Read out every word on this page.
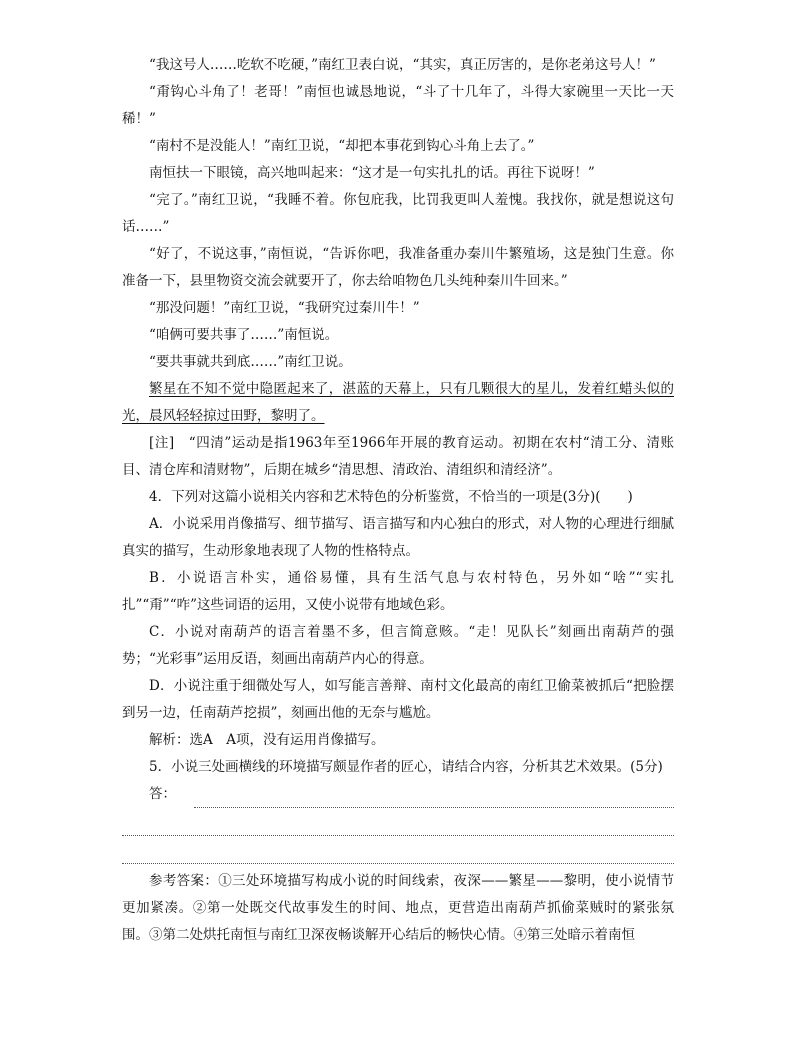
“我这号人……吃软不吃硬，”南红卫表白说，“其实，真正厉害的，是你老弟这号人！”

“甭钩心斗角了！老哥！”南恒也诚恳地说，“斗了十几年了，斗得大家碗里一天比一天稀！”

“南村不是没能人！”南红卫说，“却把本事花到钩心斗角上去了。”

南恒扶一下眼镜，高兴地叫起来：“这才是一句实扎扎的话。再往下说呀！”

“完了。”南红卫说，“我睡不着。你包庇我，比罚我更叫人羞愧。我找你，就是想说这句话……”

“好了，不说这事，”南恒说，“告诉你吧，我准备重办秦川牛繁殖场，这是独门生意。你准备一下，县里物资交流会就要开了，你去给咱物色几头纯种秦川牛回来。”

“那没问题！”南红卫说，“我研究过秦川牛！”

“咱俩可要共事了……”南恒说。

“要共事就共到底……”南红卫说。

繁星在不知不觉中隐匿起来了，湛蓝的天幕上，只有几颗很大的星儿，发着红蜡头似的光，晨风轻轻掠过田野，黎明了。

[注]　“四清”运动是指1963年至1966年开展的教育运动。初期在农村“清工分、清账目、清仓库和清财物”，后期在城乡“清思想、清政治、清组织和清经济”。

4．下列对这篇小说相关内容和艺术特色的分析鉴赏，不恰当的一项是(3分)(　　)

A．小说采用肖像描写、细节描写、语言描写和内心独白的形式，对人物的心理进行细腻真实的描写，生动形象地表现了人物的性格特点。

B．小说语言朴实，通俗易懂，具有生活气息与农村特色，另外如“啥”“实扎扎”“甭”“咋”这些词语的运用，又使小说带有地域色彩。

C．小说对南葫芦的语言着墨不多，但言简意赅。“走！见队长”刻画出南葫芦的强势；“光彩事”运用反语，刻画出南葫芦内心的得意。

D．小说注重于细微处写人，如写能言善辩、南村文化最高的南红卫偷菜被抓后“把脸摆到另一边，任南葫芦挖损”，刻画出他的无奈与尴尬。

解析：选A　A项，没有运用肖像描写。

5．小说三处画横线的环境描写颇显作者的匠心，请结合内容，分析其艺术效果。(5分)

答：

参考答案：①三处环境描写构成小说的时间线索，夜深——繁星——黎明，使小说情节更加紧凑。②第一处既交代故事发生的时间、地点，更营造出南葫芦抓偷菜贼时的紧张氛围。③第二处烘托南恒与南红卫深夜畅谈解开心结后的畅快心情。④第三处暗示着南恒
